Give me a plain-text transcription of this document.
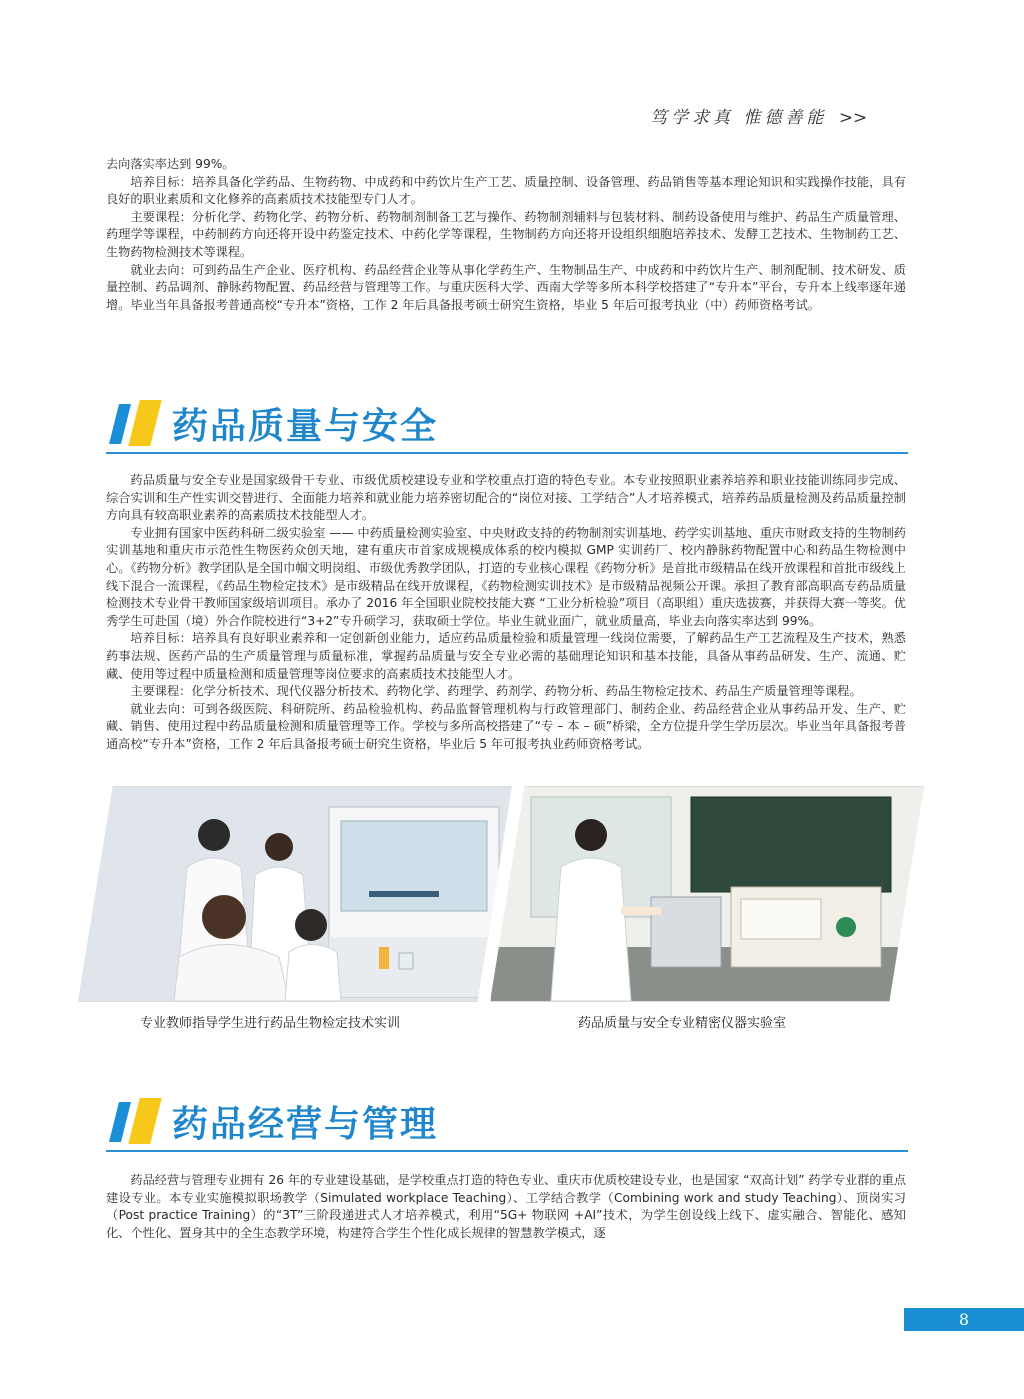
笃学求真 惟德善能 >>

去向落实率达到 99%。

培养目标：培养具备化学药品、生物药物、中成药和中药饮片生产工艺、质量控制、设备管理、药品销售等基本理论知识和实践操作技能，具有良好的职业素质和文化修养的高素质技术技能型专门人才。

主要课程：分析化学、药物化学、药物分析、药物制剂制备工艺与操作、药物制剂辅料与包装材料、制药设备使用与维护、药品生产质量管理、药理学等课程，中药制药方向还将开设中药鉴定技术、中药化学等课程，生物制药方向还将开设组织细胞培养技术、发酵工艺技术、生物制药工艺、生物药物检测技术等课程。

就业去向：可到药品生产企业、医疗机构、药品经营企业等从事化学药生产、生物制品生产、中成药和中药饮片生产、制剂配制、技术研发、质量控制、药品调剂、静脉药物配置、药品经营与管理等工作。与重庆医科大学、西南大学等多所本科学校搭建了“专升本”平台，专升本上线率逐年递增。毕业当年具备报考普通高校“专升本”资格，工作 2 年后具备报考硕士研究生资格，毕业 5 年后可报考执业（中）药师资格考试。

药品质量与安全

药品质量与安全专业是国家级骨干专业、市级优质校建设专业和学校重点打造的特色专业。本专业按照职业素养培养和职业技能训练同步完成、综合实训和生产性实训交替进行、全面能力培养和就业能力培养密切配合的“岗位对接、工学结合”人才培养模式，培养药品质量检测及药品质量控制方向具有较高职业素养的高素质技术技能型人才。

专业拥有国家中医药科研二级实验室 —— 中药质量检测实验室、中央财政支持的药物制剂实训基地、药学实训基地、重庆市财政支持的生物制药实训基地和重庆市示范性生物医药众创天地，建有重庆市首家成规模成体系的校内模拟 GMP 实训药厂、校内静脉药物配置中心和药品生物检测中心。《药物分析》教学团队是全国巾帼文明岗组、市级优秀教学团队，打造的专业核心课程《药物分析》是首批市级精品在线开放课程和首批市级线上线下混合一流课程，《药品生物检定技术》是市级精品在线开放课程，《药物检测实训技术》是市级精品视频公开课。承担了教育部高职高专药品质量检测技术专业骨干教师国家级培训项目。承办了 2016 年全国职业院校技能大赛 “工业分析检验”项目（高职组）重庆选拔赛，并获得大赛一等奖。优秀学生可赴国（境）外合作院校进行“3+2”专升硕学习，获取硕士学位。毕业生就业面广，就业质量高，毕业去向落实率达到 99%。

培养目标：培养具有良好职业素养和一定创新创业能力，适应药品质量检验和质量管理一线岗位需要，了解药品生产工艺流程及生产技术，熟悉药事法规、医药产品的生产质量管理与质量标准，掌握药品质量与安全专业必需的基础理论知识和基本技能，具备从事药品研发、生产、流通、贮藏、使用等过程中质量检测和质量管理等岗位要求的高素质技术技能型人才。

主要课程：化学分析技术、现代仪器分析技术、药物化学、药理学、药剂学、药物分析、药品生物检定技术、药品生产质量管理等课程。

就业去向：可到各级医院、科研院所、药品检验机构、药品监督管理机构与行政管理部门、制药企业、药品经营企业从事药品开发、生产、贮藏、销售、使用过程中药品质量检测和质量管理等工作。学校与多所高校搭建了“专 – 本 – 硕”桥梁，全方位提升学生学历层次。毕业当年具备报考普通高校“专升本”资格，工作 2 年后具备报考硕士研究生资格，毕业后 5 年可报考执业药师资格考试。

专业教师指导学生进行药品生物检定技术实训	药品质量与安全专业精密仪器实验室
药品经营与管理

药品经营与管理专业拥有 26 年的专业建设基础，是学校重点打造的特色专业、重庆市优质校建设专业，也是国家 “双高计划” 药学专业群的重点建设专业。本专业实施模拟职场教学（Simulated workplace Teaching）、工学结合教学（Combining work and study Teaching）、顶岗实习（Post practice Training）的“3T”三阶段递进式人才培养模式，利用“5G+ 物联网 +AI”技术，为学生创设线上线下、虚实融合、智能化、感知化、个性化、置身其中的全生态教学环境，构建符合学生个性化成长规律的智慧教学模式，逐

8
